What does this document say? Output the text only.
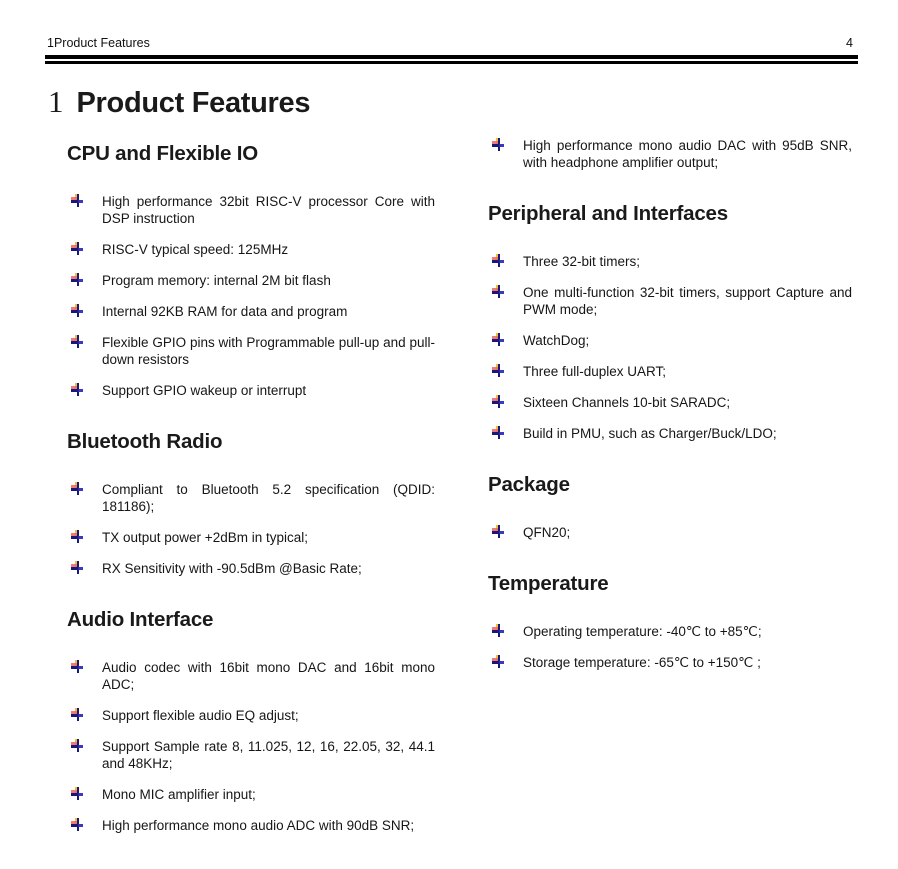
1Product Features	4
1 Product Features
CPU and Flexible IO
High performance 32bit RISC-V processor Core with DSP instruction
RISC-V typical speed: 125MHz
Program memory: internal 2M bit flash
Internal 92KB RAM for data and program
Flexible GPIO pins with Programmable pull-up and pull-down resistors
Support GPIO wakeup or interrupt
Bluetooth Radio
Compliant to Bluetooth 5.2 specification (QDID: 181186);
TX output power +2dBm in typical;
RX Sensitivity with -90.5dBm @Basic Rate;
Audio Interface
Audio codec with 16bit mono DAC and 16bit mono ADC;
Support flexible audio EQ adjust;
Support Sample rate 8, 11.025, 12, 16, 22.05, 32, 44.1 and 48KHz;
Mono MIC amplifier input;
High performance mono audio ADC with 90dB SNR;
High performance mono audio DAC with 95dB SNR, with headphone amplifier output;
Peripheral and Interfaces
Three 32-bit timers;
One multi-function 32-bit timers, support Capture and PWM mode;
WatchDog;
Three full-duplex UART;
Sixteen Channels 10-bit SARADC;
Build in PMU, such as Charger/Buck/LDO;
Package
QFN20;
Temperature
Operating temperature: -40℃ to +85℃;
Storage temperature: -65℃ to +150℃ ;
